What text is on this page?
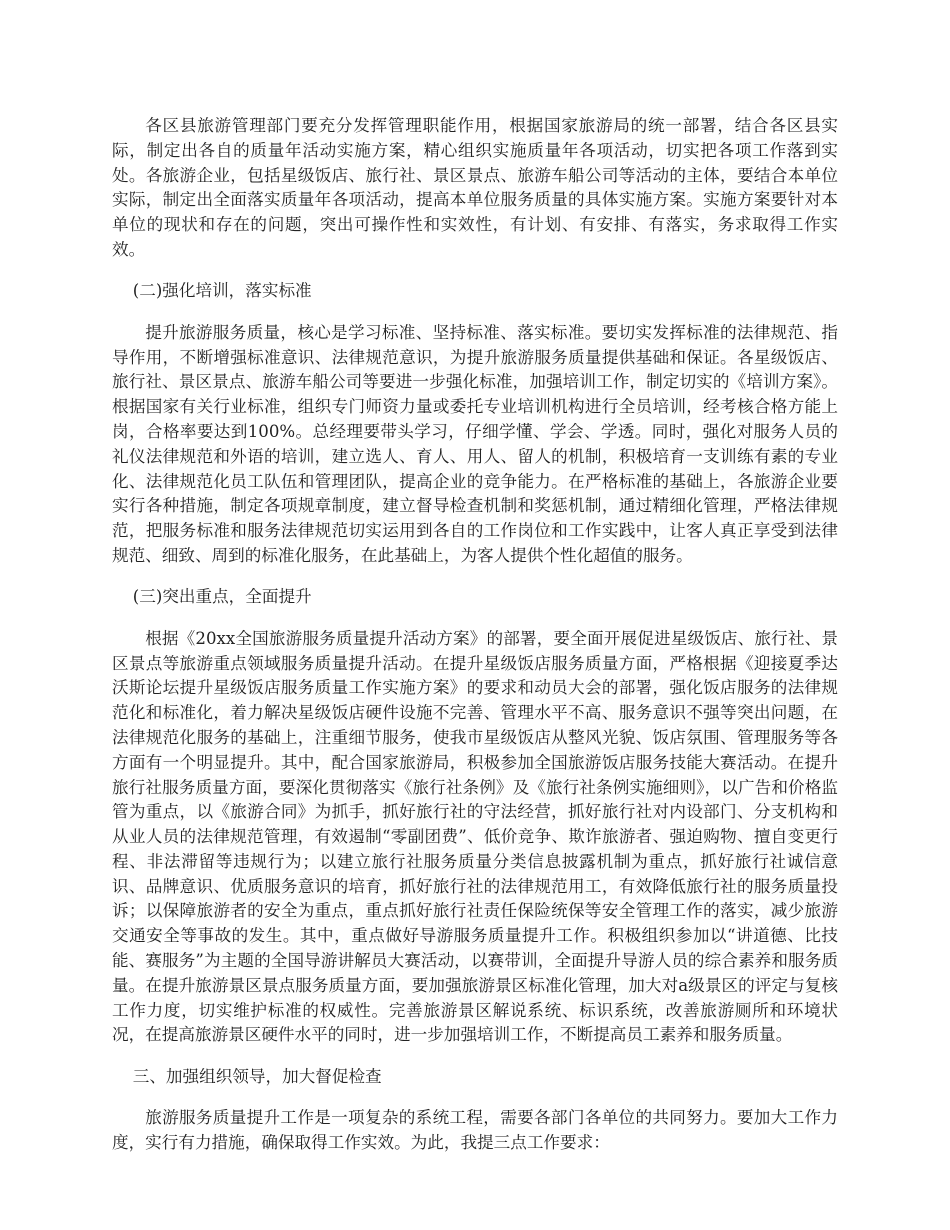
各区县旅游管理部门要充分发挥管理职能作用，根据国家旅游局的统一部署，结合各区县实际，制定出各自的质量年活动实施方案，精心组织实施质量年各项活动，切实把各项工作落到实处。各旅游企业，包括星级饭店、旅行社、景区景点、旅游车船公司等活动的主体，要结合本单位实际，制定出全面落实质量年各项活动，提高本单位服务质量的具体实施方案。实施方案要针对本单位的现状和存在的问题，突出可操作性和实效性，有计划、有安排、有落实，务求取得工作实效。

(二)强化培训，落实标准

提升旅游服务质量，核心是学习标准、坚持标准、落实标准。要切实发挥标准的法律规范、指导作用，不断增强标准意识、法律规范意识，为提升旅游服务质量提供基础和保证。各星级饭店、旅行社、景区景点、旅游车船公司等要进一步强化标准，加强培训工作，制定切实的《培训方案》。根据国家有关行业标准，组织专门师资力量或委托专业培训机构进行全员培训，经考核合格方能上岗，合格率要达到100%。总经理要带头学习，仔细学懂、学会、学透。同时，强化对服务人员的礼仪法律规范和外语的培训，建立选人、育人、用人、留人的机制，积极培育一支训练有素的专业化、法律规范化员工队伍和管理团队，提高企业的竞争能力。在严格标准的基础上，各旅游企业要实行各种措施，制定各项规章制度，建立督导检查机制和奖惩机制，通过精细化管理，严格法律规范，把服务标准和服务法律规范切实运用到各自的工作岗位和工作实践中，让客人真正享受到法律规范、细致、周到的标准化服务，在此基础上，为客人提供个性化超值的服务。

(三)突出重点，全面提升

根据《20xx全国旅游服务质量提升活动方案》的部署，要全面开展促进星级饭店、旅行社、景区景点等旅游重点领域服务质量提升活动。在提升星级饭店服务质量方面，严格根据《迎接夏季达沃斯论坛提升星级饭店服务质量工作实施方案》的要求和动员大会的部署，强化饭店服务的法律规范化和标准化，着力解决星级饭店硬件设施不完善、管理水平不高、服务意识不强等突出问题，在法律规范化服务的基础上，注重细节服务，使我市星级饭店从整风光貌、饭店氛围、管理服务等各方面有一个明显提升。其中，配合国家旅游局，积极参加全国旅游饭店服务技能大赛活动。在提升旅行社服务质量方面，要深化贯彻落实《旅行社条例》及《旅行社条例实施细则》，以广告和价格监管为重点，以《旅游合同》为抓手，抓好旅行社的守法经营，抓好旅行社对内设部门、分支机构和从业人员的法律规范管理，有效遏制“零副团费”、低价竞争、欺诈旅游者、强迫购物、擅自变更行程、非法滞留等违规行为；以建立旅行社服务质量分类信息披露机制为重点，抓好旅行社诚信意识、品牌意识、优质服务意识的培育，抓好旅行社的法律规范用工，有效降低旅行社的服务质量投诉；以保障旅游者的安全为重点，重点抓好旅行社责任保险统保等安全管理工作的落实，减少旅游交通安全等事故的发生。其中，重点做好导游服务质量提升工作。积极组织参加以“讲道德、比技能、赛服务”为主题的全国导游讲解员大赛活动，以赛带训，全面提升导游人员的综合素养和服务质量。在提升旅游景区景点服务质量方面，要加强旅游景区标准化管理，加大对a级景区的评定与复核工作力度，切实维护标准的权威性。完善旅游景区解说系统、标识系统，改善旅游厕所和环境状况，在提高旅游景区硬件水平的同时，进一步加强培训工作，不断提高员工素养和服务质量。

三、加强组织领导，加大督促检查

旅游服务质量提升工作是一项复杂的系统工程，需要各部门各单位的共同努力。要加大工作力度，实行有力措施，确保取得工作实效。为此，我提三点工作要求：
